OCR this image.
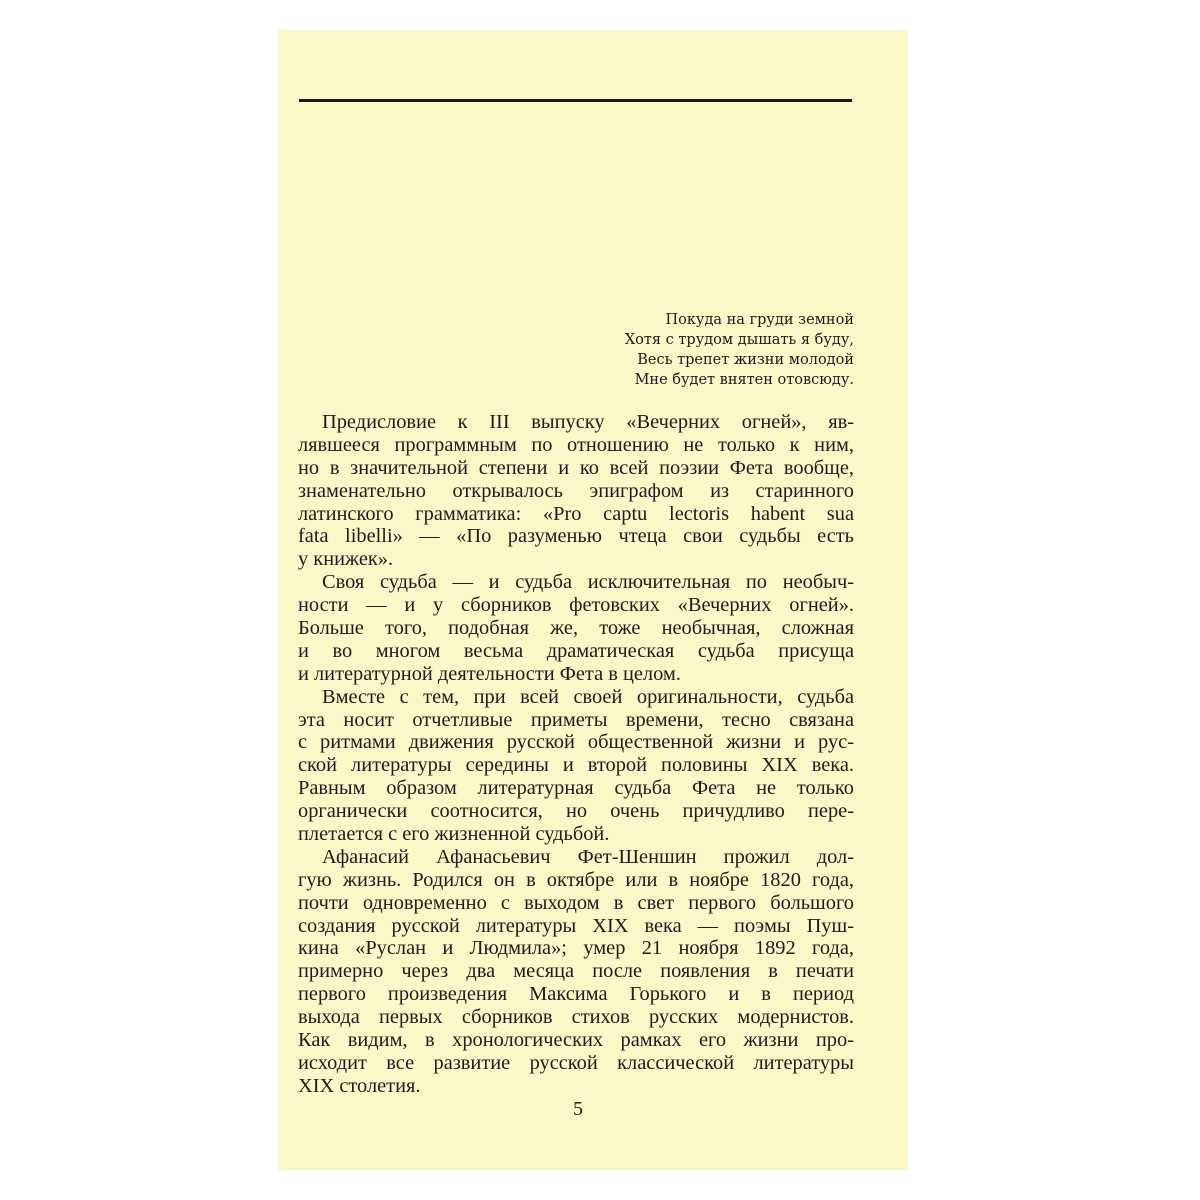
Покуда на груди земной
Хотя с трудом дышать я буду,
Весь трепет жизни молодой
Мне будет внятен отовсюду.
Предисловие к III выпуску «Вечерних огней», яв-
лявшееся программным по отношению не только к ним,
но в значительной степени и ко всей поэзии Фета вообще,
знаменательно открывалось эпиграфом из старинного
латинского грамматика: «Pro captu lectoris habent sua
fata libelli» — «По разуменью чтеца свои судьбы есть
у книжек».
Своя судьба — и судьба исключительная по необыч-
ности — и у сборников фетовских «Вечерних огней».
Больше того, подобная же, тоже необычная, сложная
и во многом весьма драматическая судьба присуща
и литературной деятельности Фета в целом.
Вместе с тем, при всей своей оригинальности, судьба
эта носит отчетливые приметы времени, тесно связана
с ритмами движения русской общественной жизни и рус-
ской литературы середины и второй половины XIX века.
Равным образом литературная судьба Фета не только
органически соотносится, но очень причудливо пере-
плетается с его жизненной судьбой.
Афанасий Афанасьевич Фет-Шеншин прожил дол-
гую жизнь. Родился он в октябре или в ноябре 1820 года,
почти одновременно с выходом в свет первого большого
создания русской литературы XIX века — поэмы Пуш-
кина «Руслан и Людмила»; умер 21 ноября 1892 года,
примерно через два месяца после появления в печати
первого произведения Максима Горького и в период
выхода первых сборников стихов русских модернистов.
Как видим, в хронологических рамках его жизни про-
исходит все развитие русской классической литературы
XIX столетия.
5
